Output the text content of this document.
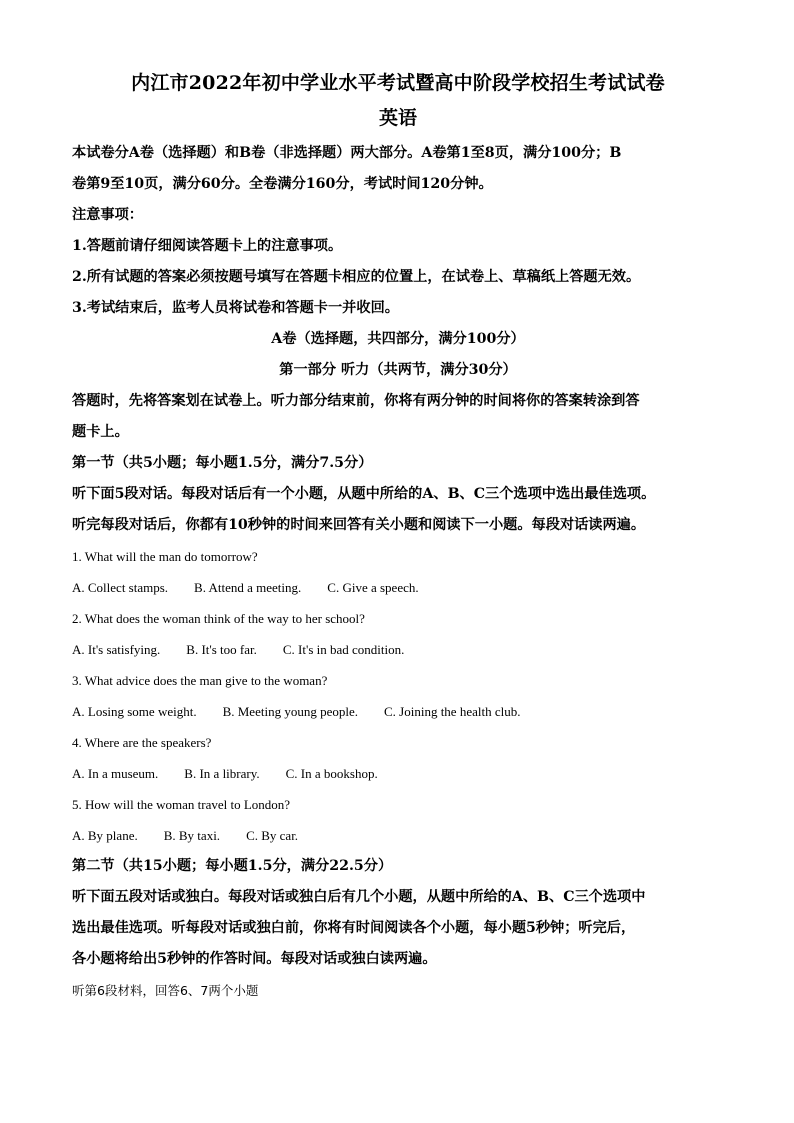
内江市2022年初中学业水平考试暨高中阶段学校招生考试试卷
英语

本试卷分A卷（选择题）和B卷（非选择题）两大部分。A卷第1至8页，满分100分；B

卷第9至10页，满分60分。全卷满分160分，考试时间120分钟。

注意事项：

1.答题前请仔细阅读答题卡上的注意事项。

2.所有试题的答案必须按题号填写在答题卡相应的位置上，在试卷上、草稿纸上答题无效。

3.考试结束后，监考人员将试卷和答题卡一并收回。

A卷（选择题，共四部分，满分100分）

第一部分 听力（共两节，满分30分）

答题时，先将答案划在试卷上。听力部分结束前，你将有两分钟的时间将你的答案转涂到答

题卡上。

第一节（共5小题；每小题1.5分，满分7.5分）

听下面5段对话。每段对话后有一个小题，从题中所给的A、B、C三个选项中选出最佳选项。

听完每段对话后，你都有10秒钟的时间来回答有关小题和阅读下一小题。每段对话读两遍。

1. What will the man do tomorrow?

A. Collect stamps. B. Attend a meeting. C. Give a speech.

2. What does the woman think of the way to her school?

A. It's satisfying. B. It's too far. C. It's in bad condition.

3. What advice does the man give to the woman?

A. Losing some weight. B. Meeting young people. C. Joining the health club.

4. Where are the speakers?

A. In a museum. B. In a library. C. In a bookshop.

5. How will the woman travel to London?

A. By plane. B. By taxi. C. By car.

第二节（共15小题；每小题1.5分，满分22.5分）

听下面五段对话或独白。每段对话或独白后有几个小题，从题中所给的A、B、C三个选项中

选出最佳选项。听每段对话或独白前，你将有时间阅读各个小题，每小题5秒钟；听完后，

各小题将给出5秒钟的作答时间。每段对话或独白读两遍。

听第6段材料，回答6、7两个小题
